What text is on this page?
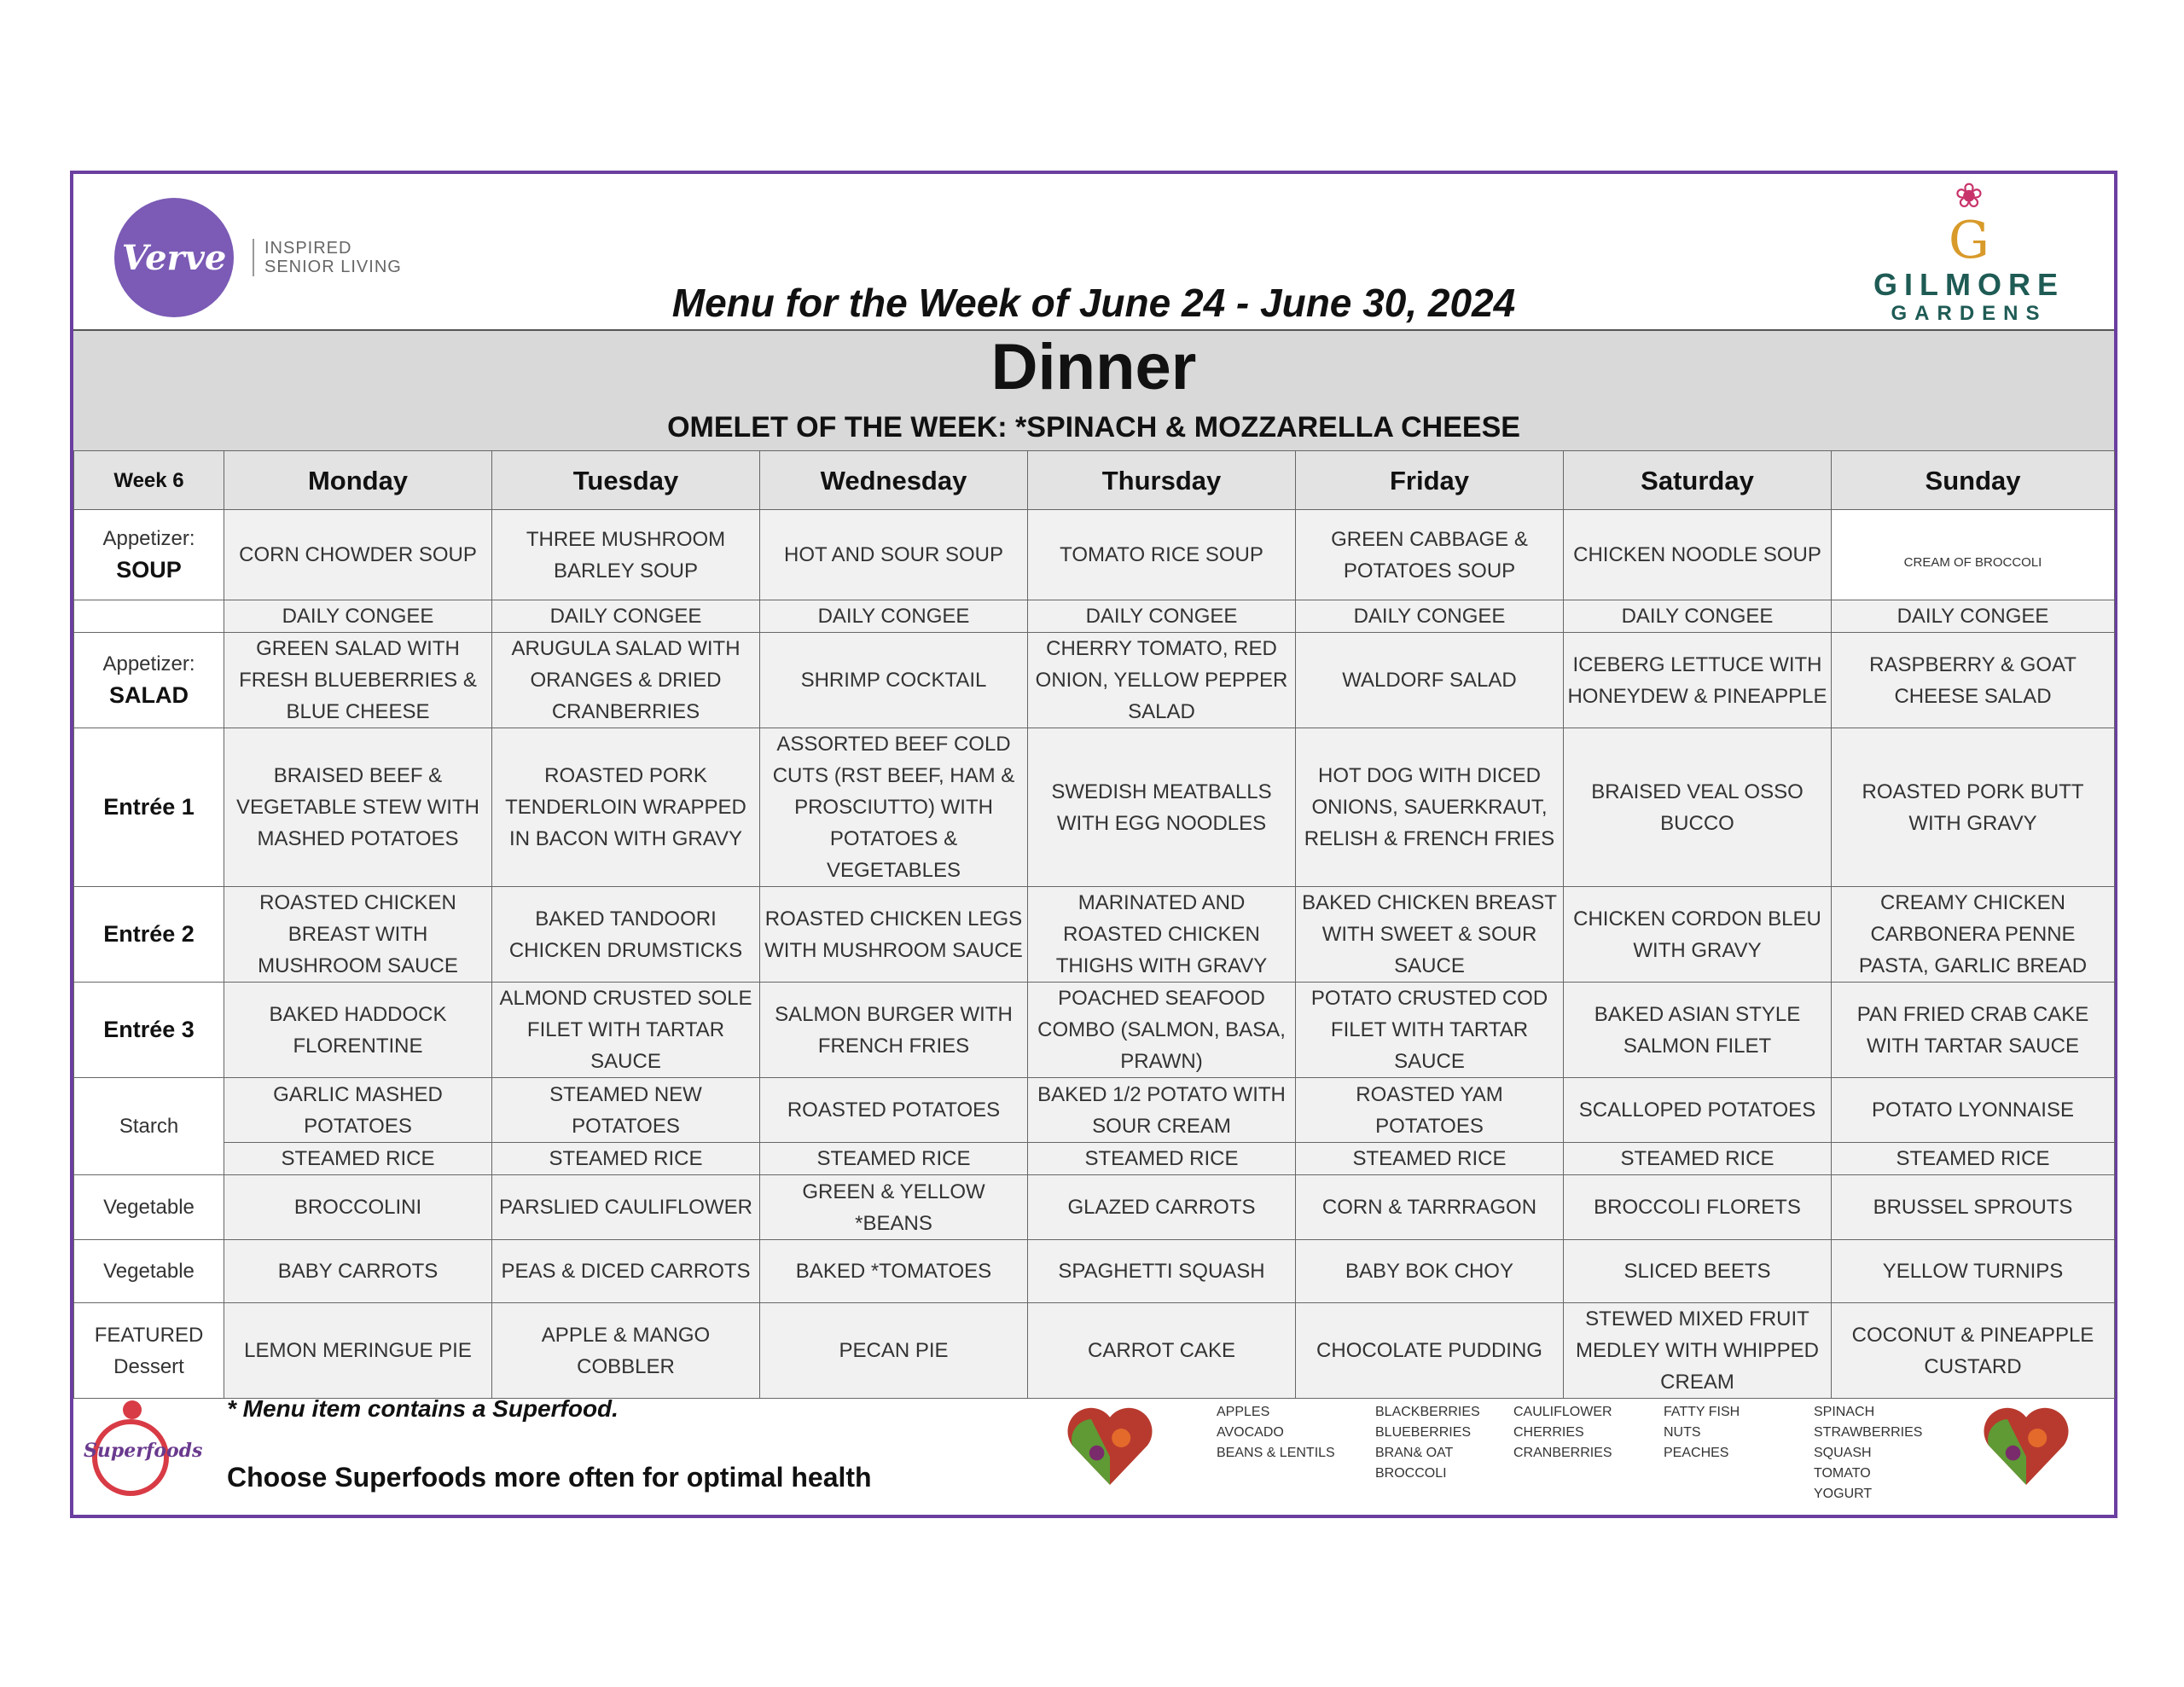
Verve INSPIRED
SENIOR LIVING
❀
G
GILMORE
GARDENS
Menu for the Week of June 24 - June 30, 2024
Dinner
OMELET OF THE WEEK: *SPINACH & MOZZARELLA CHEESE
Week 6	Monday	Tuesday	Wednesday	Thursday	Friday	Saturday	Sunday

Appetizer:
SOUP	CORN CHOWDER SOUP	THREE MUSHROOM BARLEY SOUP	HOT AND SOUR SOUP	TOMATO RICE SOUP	GREEN CABBAGE & POTATOES SOUP	CHICKEN NOODLE SOUP	CREAM OF BROCCOLI

	DAILY CONGEE	DAILY CONGEE	DAILY CONGEE	DAILY CONGEE	DAILY CONGEE	DAILY CONGEE	DAILY CONGEE

Appetizer:
SALAD	GREEN SALAD WITH FRESH BLUEBERRIES & BLUE CHEESE	ARUGULA SALAD WITH ORANGES & DRIED CRANBERRIES	SHRIMP COCKTAIL	CHERRY TOMATO, RED ONION, YELLOW PEPPER SALAD	WALDORF SALAD	ICEBERG LETTUCE WITH HONEYDEW & PINEAPPLE	RASPBERRY & GOAT CHEESE SALAD
Entrée 1	BRAISED BEEF & VEGETABLE STEW WITH MASHED POTATOES	ROASTED PORK TENDERLOIN WRAPPED IN BACON WITH GRAVY	ASSORTED BEEF COLD CUTS (RST BEEF, HAM & PROSCIUTTO) WITH POTATOES & VEGETABLES	SWEDISH MEATBALLS WITH EGG NOODLES	HOT DOG WITH DICED ONIONS, SAUERKRAUT, RELISH & FRENCH FRIES	BRAISED VEAL OSSO BUCCO	ROASTED PORK BUTT WITH GRAVY
Entrée 2	ROASTED CHICKEN BREAST WITH MUSHROOM SAUCE	BAKED TANDOORI CHICKEN DRUMSTICKS	ROASTED CHICKEN LEGS WITH MUSHROOM SAUCE	MARINATED AND ROASTED CHICKEN THIGHS WITH GRAVY	BAKED CHICKEN BREAST WITH SWEET & SOUR SAUCE	CHICKEN CORDON BLEU WITH GRAVY	CREAMY CHICKEN CARBONERA PENNE PASTA, GARLIC BREAD
Entrée 3	BAKED HADDOCK FLORENTINE	ALMOND CRUSTED SOLE FILET WITH TARTAR SAUCE	SALMON BURGER WITH FRENCH FRIES	POACHED SEAFOOD COMBO (SALMON, BASA, PRAWN)	POTATO CRUSTED COD FILET WITH TARTAR SAUCE	BAKED ASIAN STYLE SALMON FILET	PAN FRIED CRAB CAKE WITH TARTAR SAUCE

Starch	GARLIC MASHED POTATOES	STEAMED NEW POTATOES	ROASTED POTATOES	BAKED 1/2 POTATO WITH SOUR CREAM	ROASTED YAM POTATOES	SCALLOPED POTATOES	POTATO LYONNAISE
	STEAMED RICE	STEAMED RICE	STEAMED RICE	STEAMED RICE	STEAMED RICE	STEAMED RICE	STEAMED RICE

Vegetable	BROCCOLINI	PARSLIED CAULIFLOWER	GREEN & YELLOW *BEANS	GLAZED CARROTS	CORN & TARRRAGON	BROCCOLI FLORETS	BRUSSEL SPROUTS

Vegetable	BABY CARROTS	PEAS & DICED CARROTS	BAKED *TOMATOES	SPAGHETTI SQUASH	BABY BOK CHOY	SLICED BEETS	YELLOW TURNIPS

FEATURED
Dessert	LEMON MERINGUE PIE	APPLE & MANGO COBBLER	PECAN PIE	CARROT CAKE	CHOCOLATE PUDDING	STEWED MIXED FRUIT MEDLEY WITH WHIPPED CREAM	COCONUT & PINEAPPLE CUSTARD
Superfoods
* Menu item contains a Superfood.
Choose Superfoods more often for optimal health
APPLES
AVOCADO
BEANS & LENTILS
BLACKBERRIES
BLUEBERRIES
BRAN& OAT
BROCCOLI
CAULIFLOWER
CHERRIES
CRANBERRIES
FATTY FISH
NUTS
PEACHES
SPINACH
STRAWBERRIES
SQUASH
TOMATO
YOGURT
